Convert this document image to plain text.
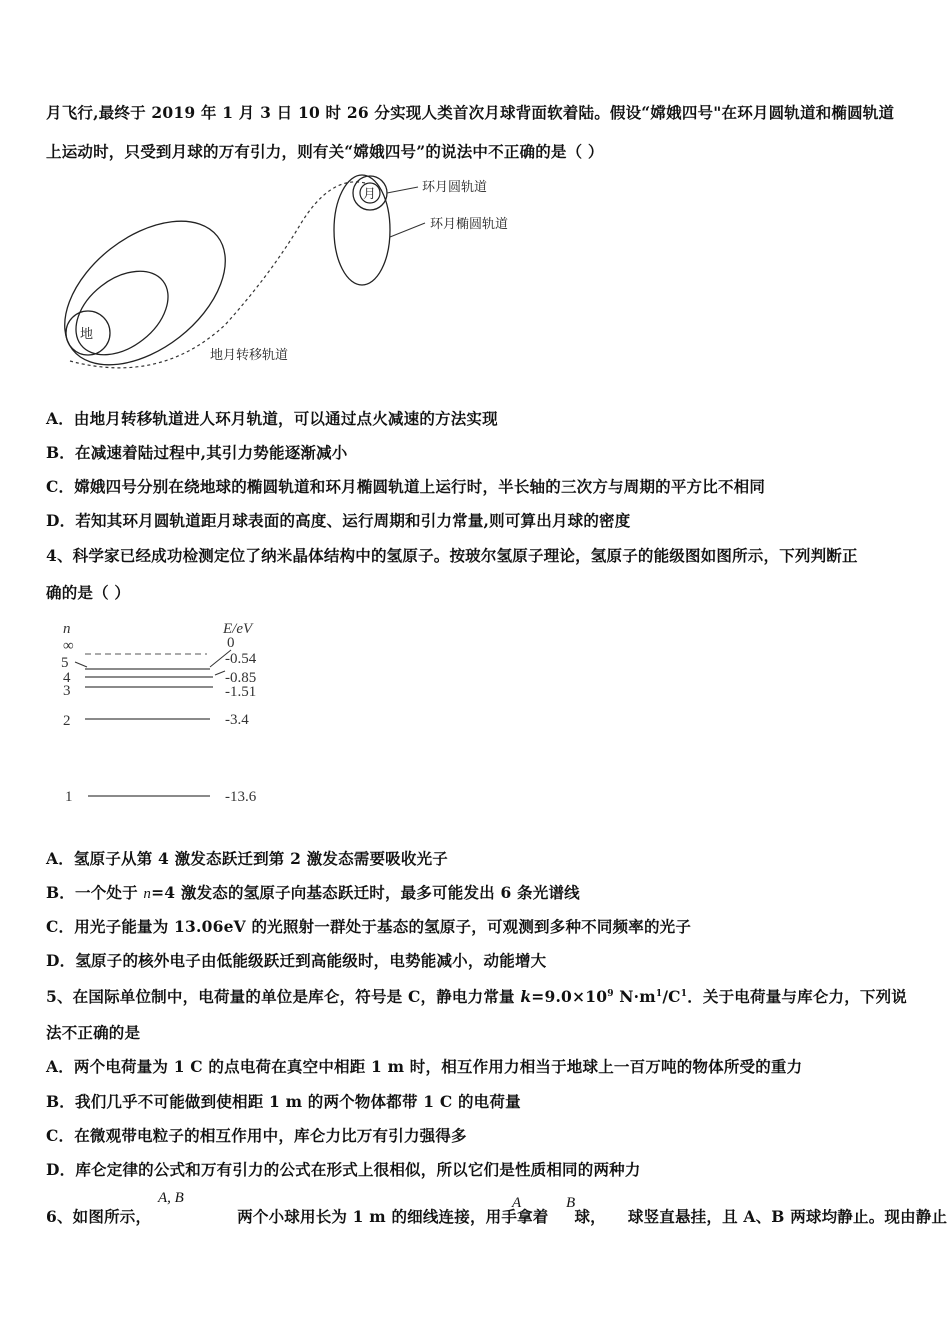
月飞行,最终于 2019 年 1 月 3 日 10 时 26 分实现人类首次月球背面软着陆。假设“嫦娥四号"在环月圆轨道和椭圆轨道
上运动时，只受到月球的万有引力，则有关“嫦娥四号”的说法中不正确的是（ ）
地
月	环月圆轨道
环月椭圆轨道
地月转移轨道
A．由地月转移轨道进人环月轨道，可以通过点火减速的方法实现
B．在减速着陆过程中,其引力势能逐渐减小
C．嫦娥四号分别在绕地球的椭圆轨道和环月椭圆轨道上运行时，半长轴的三次方与周期的平方比不相同
D．若知其环月圆轨道距月球表面的高度、运行周期和引力常量,则可算出月球的密度
4、科学家已经成功检测定位了纳米晶体结构中的氢原子。按玻尔氢原子理论，氢原子的能级图如图所示，下列判断正
确的是（ ）
n	E/eV
∞	0
5	-0.54
4	-0.85
3	-1.51
2	-3.4
1	-13.6
A．氢原子从第 4 激发态跃迁到第 2 激发态需要吸收光子
B．一个处于 n=4 激发态的氢原子向基态跃迁时，最多可能发出 6 条光谱线
C．用光子能量为 13.06eV 的光照射一群处于基态的氢原子，可观测到多种不同频率的光子
D．氢原子的核外电子由低能级跃迁到高能级时，电势能减小，动能增大
5、在国际单位制中，电荷量的单位是库仑，符号是 C，静电力常量 $k=9.0\times 10^9$ $N\cdot m^1/C^1$．关于电荷量与库仑力，下列说
法不正确的是
A．两个电荷量为 1 C 的点电荷在真空中相距 1 m 时，相互作用力相当于地球上一百万吨的物体所受的重力
B．我们几乎不可能做到使相距 1 m 的两个物体都带 1 C 的电荷量
C．在微观带电粒子的相互作用中，库仑力比万有引力强得多
D．库仑定律的公式和万有引力的公式在形式上很相似，所以它们是性质相同的两种力
6、如图所示，	两个小球用长为 1 m 的细线连接，用手拿着 球， 球竖直悬挂，且 A、B 两球均静止。现由静止
A, B	A	B
